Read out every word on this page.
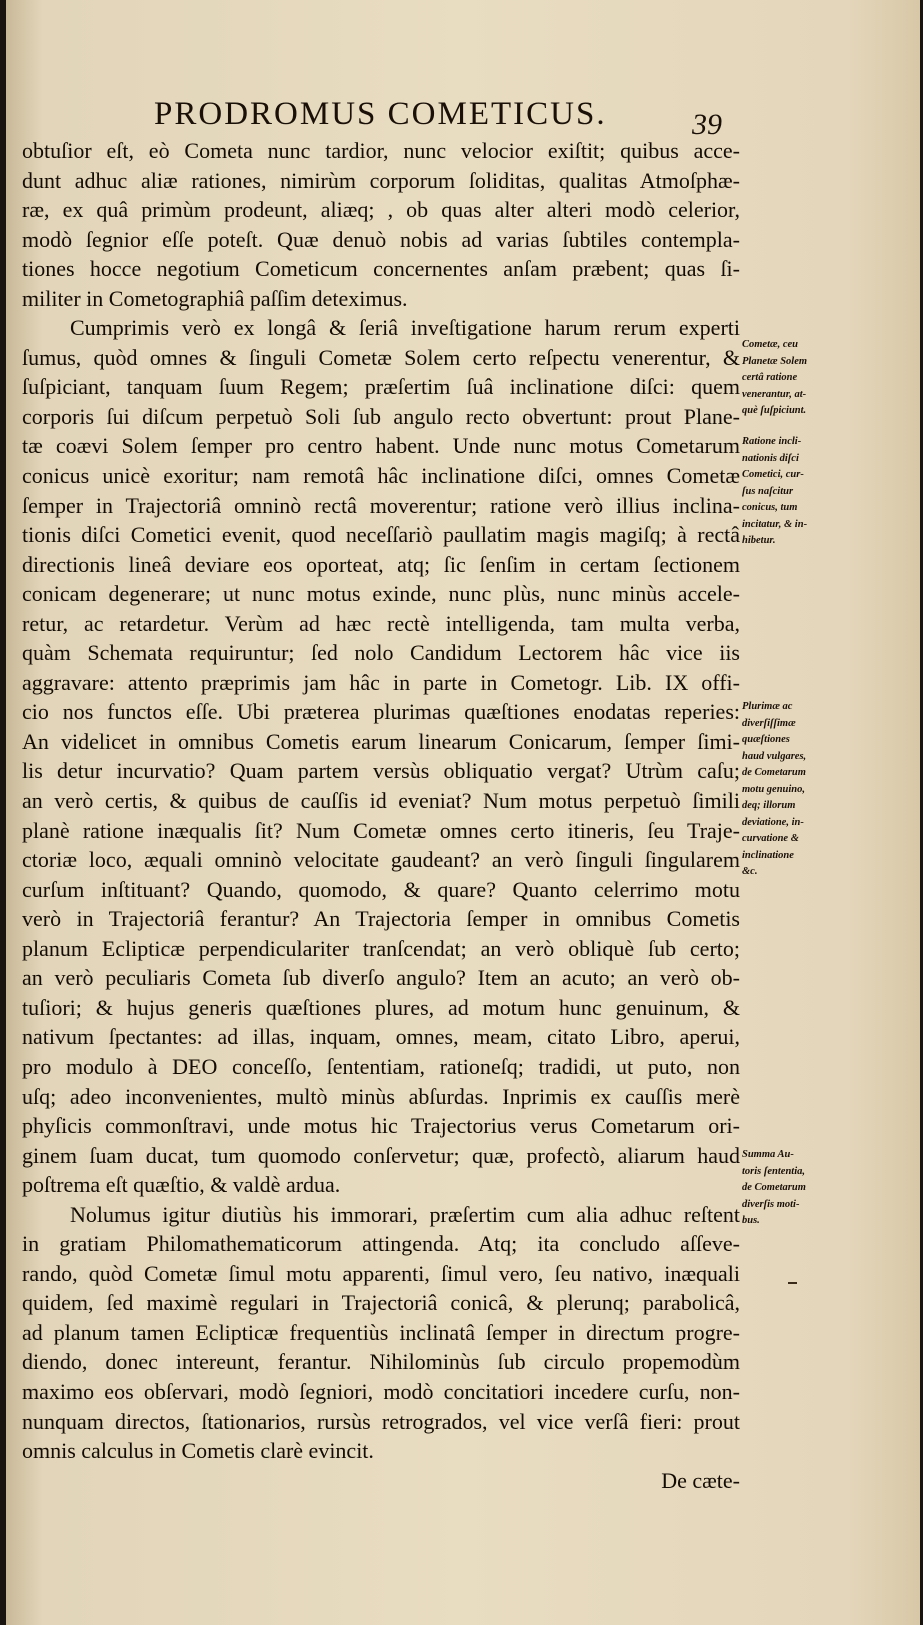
PRODROMUS COMETICUS.	39
obtuſior eſt, eò Cometa nunc tardior, nunc velocior exiſtit; quibus acce-
dunt adhuc aliæ rationes, nimirùm corporum ſoliditas, qualitas Atmoſphæ-
ræ, ex quâ primùm prodeunt, aliæq; , ob quas alter alteri modò celerior,
modò ſegnior eſſe poteſt. Quæ denuò nobis ad varias ſubtiles contempla-
tiones hocce negotium Cometicum concernentes anſam præbent; quas ſi-
militer in Cometographiâ paſſim deteximus.
Cumprimis verò ex longâ & ſeriâ inveſtigatione harum rerum experti
ſumus, quòd omnes & ſinguli Cometæ Solem certo reſpectu venerentur, &
ſuſpiciant, tanquam ſuum Regem; præſertim ſuâ inclinatione diſci: quem
corporis ſui diſcum perpetuò Soli ſub angulo recto obvertunt: prout Plane-
tæ coævi Solem ſemper pro centro habent. Unde nunc motus Cometarum
conicus unicè exoritur; nam remotâ hâc inclinatione diſci, omnes Cometæ
ſemper in Trajectoriâ omninò rectâ moverentur; ratione verò illius inclina-
tionis diſci Cometici evenit, quod neceſſariò paullatim magis magiſq; à rectâ
directionis lineâ deviare eos oporteat, atq; ſic ſenſim in certam ſectionem
conicam degenerare; ut nunc motus exinde, nunc plùs, nunc minùs accele-
retur, ac retardetur. Verùm ad hæc rectè intelligenda, tam multa verba,
quàm Schemata requiruntur; ſed nolo Candidum Lectorem hâc vice iis
aggravare: attento præprimis jam hâc in parte in Cometogr. Lib. IX offi-
cio nos functos eſſe. Ubi præterea plurimas quæſtiones enodatas reperies:
An videlicet in omnibus Cometis earum linearum Conicarum, ſemper ſimi-
lis detur incurvatio? Quam partem versùs obliquatio vergat? Utrùm caſu;
an verò certis, & quibus de cauſſis id eveniat? Num motus perpetuò ſimili
planè ratione inæqualis ſit? Num Cometæ omnes certo itineris, ſeu Traje-
ctoriæ loco, æquali omninò velocitate gaudeant? an verò ſinguli ſingularem
curſum inſtituant? Quando, quomodo, & quare? Quanto celerrimo motu
verò in Trajectoriâ ferantur? An Trajectoria ſemper in omnibus Cometis
planum Eclipticæ perpendiculariter tranſcendat; an verò obliquè ſub certo;
an verò peculiaris Cometa ſub diverſo angulo? Item an acuto; an verò ob-
tuſiori; & hujus generis quæſtiones plures, ad motum hunc genuinum, &
nativum ſpectantes: ad illas, inquam, omnes, meam, citato Libro, aperui,
pro modulo à DEO conceſſo, ſententiam, rationeſq; tradidi, ut puto, non
uſq; adeo inconvenientes, multò minùs abſurdas. Inprimis ex cauſſis merè
phyſicis commonſtravi, unde motus hic Trajectorius verus Cometarum ori-
ginem ſuam ducat, tum quomodo conſervetur; quæ, profectò, aliarum haud
poſtrema eſt quæſtio, & valdè ardua.
Nolumus igitur diutiùs his immorari, præſertim cum alia adhuc reſtent
in gratiam Philomathematicorum attingenda. Atq; ita concludo aſſeve-
rando, quòd Cometæ ſimul motu apparenti, ſimul vero, ſeu nativo, inæquali
quidem, ſed maximè regulari in Trajectoriâ conicâ, & plerunq; parabolicâ,
ad planum tamen Eclipticæ frequentiùs inclinatâ ſemper in directum progre-
diendo, donec intereunt, ferantur. Nihilominùs ſub circulo propemodùm
maximo eos obſervari, modò ſegniori, modò concitatiori incedere curſu, non-
nunquam directos, ſtationarios, rursùs retrogrados, vel vice verſâ fieri: prout
omnis calculus in Cometis clarè evincit.
De cæte-
Cometæ, ceu
Planetæ Solem
certâ ratione
venerantur, at-
què ſuſpiciunt.
Ratione incli-
nationis diſci
Cometici, cur-
ſus naſcitur
conicus, tum
incitatur, & in-
hibetur.
Plurimæ ac
diverſiſſimæ
quæſtiones
haud vulgares,
de Cometarum
motu genuino,
deq; illorum
deviatione, in-
curvatione &
inclinatione
&c.
Summa Au-
toris ſententia,
de Cometarum
diverſis moti-
bus.
